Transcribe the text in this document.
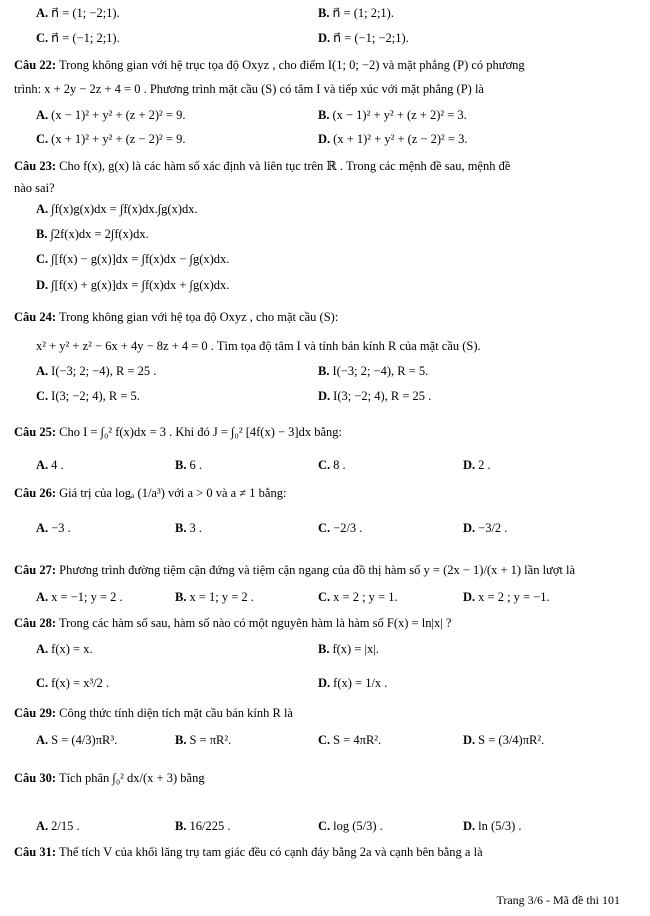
A. n⃗ = (1; −2;1).	B. n⃗ = (1; 2;1).
C. n⃗ = (−1; 2;1).	D. n⃗ = (−1; −2;1).
Câu 22: Trong không gian với hệ trục tọa độ Oxyz , cho điểm I(1; 0; −2) và mặt phẳng (P) có phương
trình: x + 2y − 2z + 4 = 0 . Phương trình mặt cầu (S) có tâm I và tiếp xúc với mặt phẳng (P) là
A. (x − 1)² + y² + (z + 2)² = 9.	B. (x − 1)² + y² + (z + 2)² = 3.
C. (x + 1)² + y² + (z − 2)² = 9.	D. (x + 1)² + y² + (z − 2)² = 3.
Câu 23: Cho f(x), g(x) là các hàm số xác định và liên tục trên ℝ . Trong các mệnh đề sau, mệnh đề
nào sai?
A. ∫f(x)g(x)dx = ∫f(x)dx.∫g(x)dx.
B. ∫2f(x)dx = 2∫f(x)dx.
C. ∫[f(x) − g(x)]dx = ∫f(x)dx − ∫g(x)dx.
D. ∫[f(x) + g(x)]dx = ∫f(x)dx + ∫g(x)dx.
Câu 24: Trong không gian với hệ tọa độ Oxyz , cho mặt cầu (S):
x² + y² + z² − 6x + 4y − 8z + 4 = 0 . Tìm tọa độ tâm I và tính bán kính R của mặt cầu (S).
A. I(−3; 2; −4), R = 25 .	B. I(−3; 2; −4), R = 5.
C. I(3; −2; 4), R = 5.	D. I(3; −2; 4), R = 25 .
Câu 25: Cho I = ∫₀² f(x)dx = 3 . Khi đó J = ∫₀² [4f(x) − 3]dx bằng:
A. 4 .	B. 6 .	C. 8 .	D. 2 .
Câu 26: Giá trị của logₐ (1/a³) với a > 0 và a ≠ 1 bằng:
A. −3 .	B. 3 .	C. −2/3 .	D. −3/2 .
Câu 27: Phương trình đường tiệm cận đứng và tiệm cận ngang của đồ thị hàm số y = (2x − 1)/(x + 1) lần lượt là
A. x = −1; y = 2 .	B. x = 1; y = 2 .	C. x = 2 ; y = 1.	D. x = 2 ; y = −1.
Câu 28: Trong các hàm số sau, hàm số nào có một nguyên hàm là hàm số F(x) = ln|x| ?
A. f(x) = x.	B. f(x) = |x|.
C. f(x) = x³/2 .	D. f(x) = 1/x .
Câu 29: Công thức tính diện tích mặt cầu bán kính R là
A. S = (4/3)πR³.	B. S = πR².	C. S = 4πR².	D. S = (3/4)πR².
Câu 30: Tích phân ∫₀² dx/(x + 3) bằng
A. 2/15 .	B. 16/225 .	C. log (5/3) .	D. ln (5/3) .
Câu 31: Thể tích V của khối lăng trụ tam giác đều có cạnh đáy bằng 2a và cạnh bên bằng a là
Trang 3/6 - Mã đề thi 101
